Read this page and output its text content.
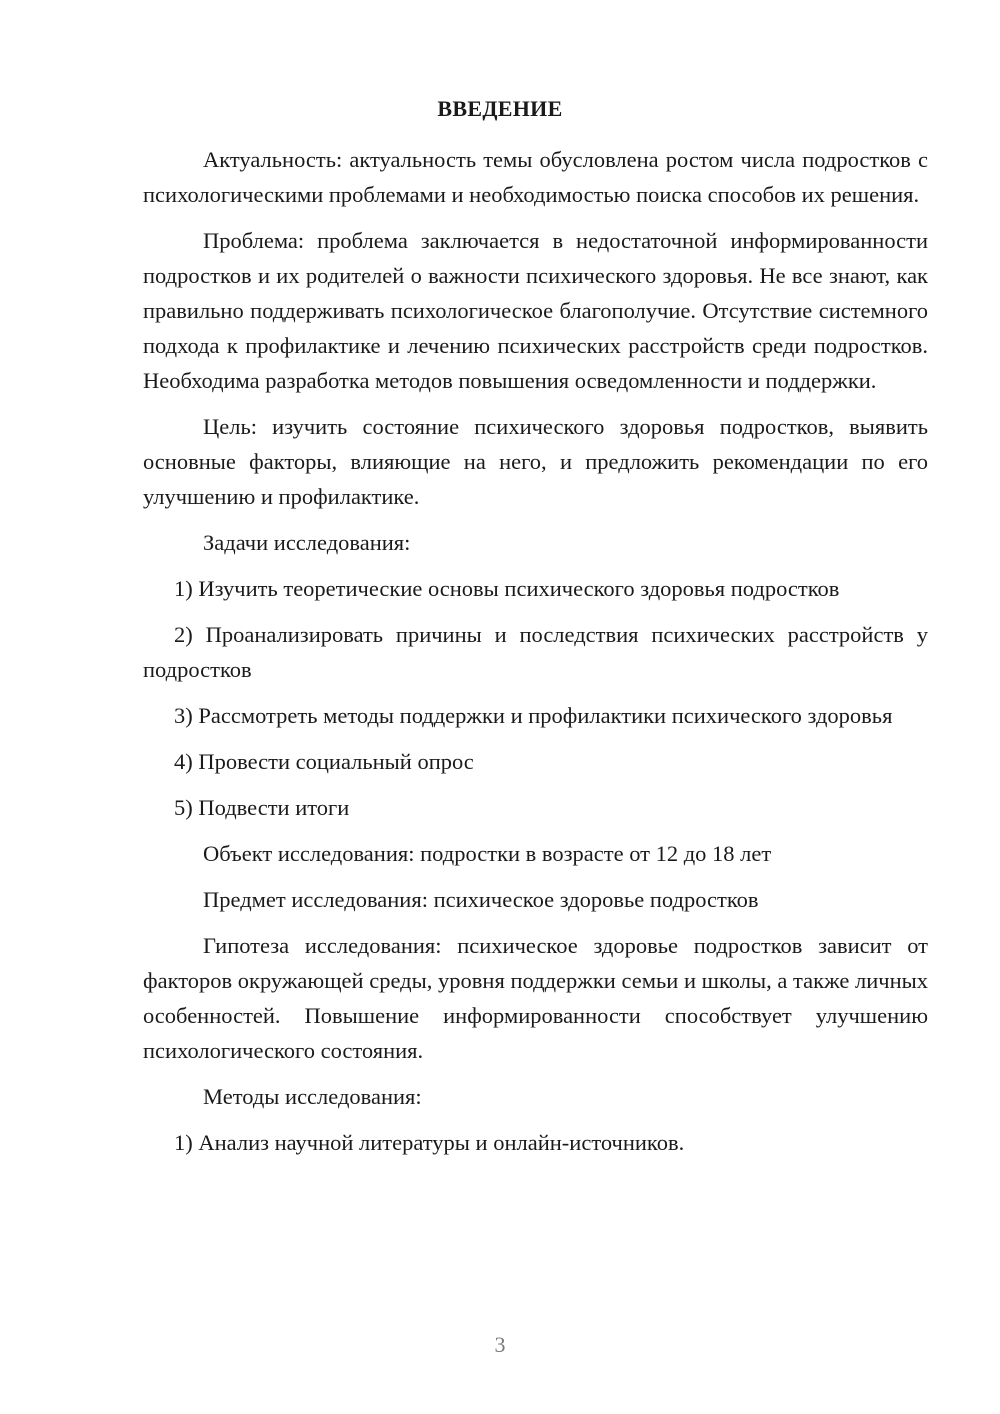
ВВЕДЕНИЕ

Актуальность: актуальность темы обусловлена ростом числа подростков с психологическими проблемами и необходимостью поиска способов их решения.

Проблема: проблема заключается в недостаточной информированности подростков и их родителей о важности психического здоровья. Не все знают, как правильно поддерживать психологическое благополучие. Отсутствие системного подхода к профилактике и лечению психических расстройств среди подростков. Необходима разработка методов повышения осведомленности и поддержки.

Цель: изучить состояние психического здоровья подростков, выявить основные факторы, влияющие на него, и предложить рекомендации по его улучшению и профилактике.

Задачи исследования:

1) Изучить теоретические основы психического здоровья подростков

2) Проанализировать причины и последствия психических расстройств у подростков

3) Рассмотреть методы поддержки и профилактики психического здоровья

4) Провести социальный опрос

5) Подвести итоги

Объект исследования: подростки в возрасте от 12 до 18 лет

Предмет исследования: психическое здоровье подростков

Гипотеза исследования: психическое здоровье подростков зависит от факторов окружающей среды, уровня поддержки семьи и школы, а также личных особенностей. Повышение информированности способствует улучшению психологического состояния.

Методы исследования:

1) Анализ научной литературы и онлайн-источников.

3
